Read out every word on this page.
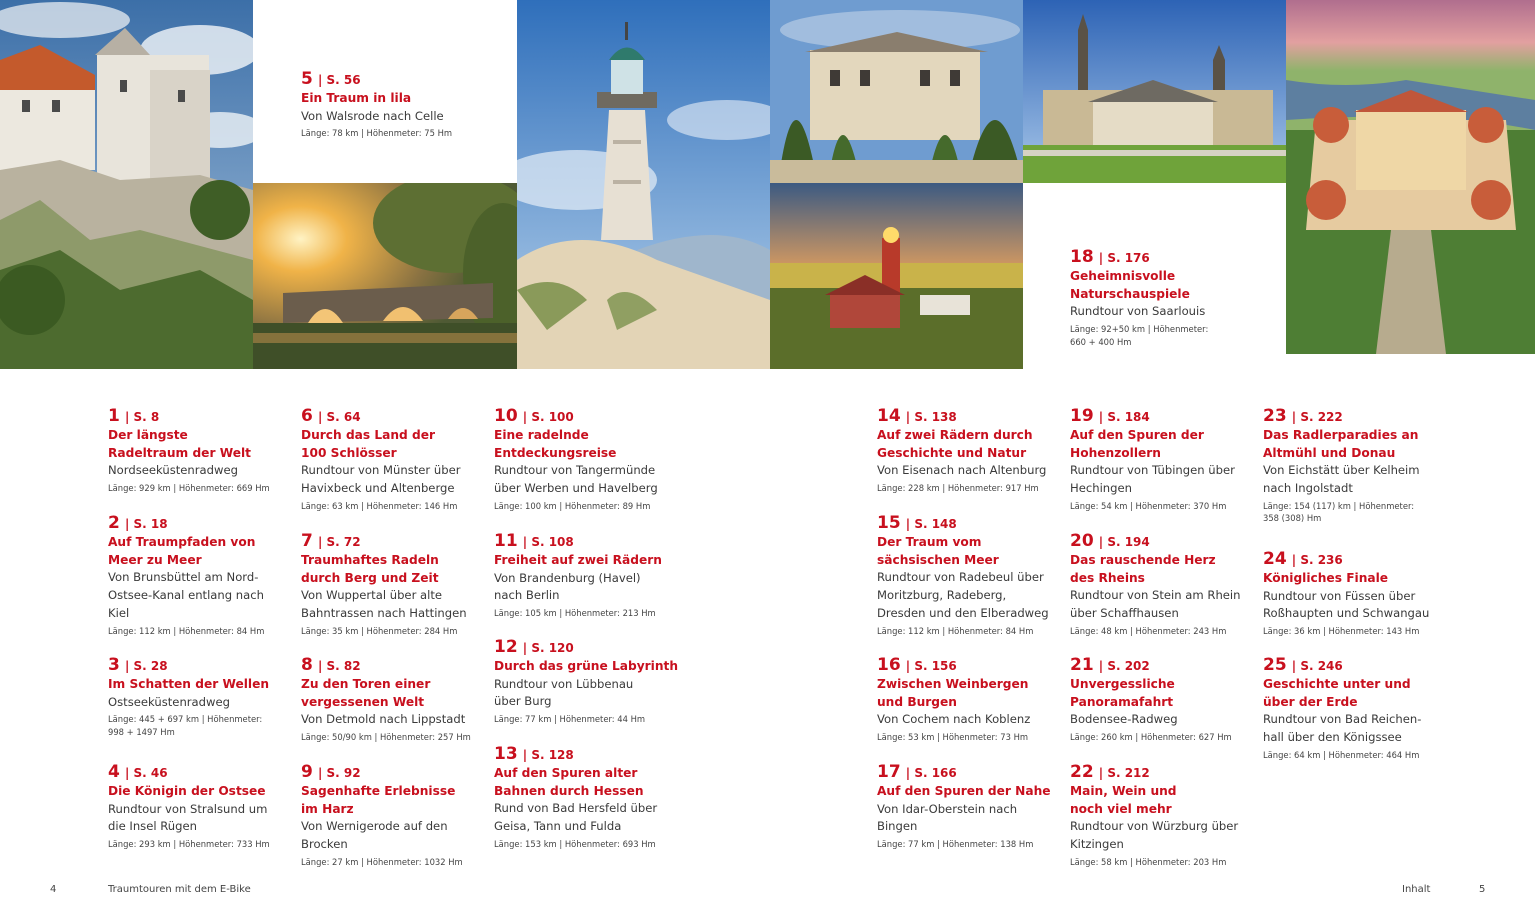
1 | S. 8
Der längste
Radeltraum der Welt
Nordseeküstenradweg
Länge: 929 km | Höhenmeter: 669 Hm
2 | S. 18
Auf Traumpfaden von
Meer zu Meer
Von Brunsbüttel am Nord-
Ostsee-Kanal entlang nach
Kiel
Länge: 112 km | Höhenmeter: 84 Hm
3 | S. 28
Im Schatten der Wellen
Ostseeküstenradweg
Länge: 445 + 697 km | Höhenmeter:
998 + 1497 Hm
4 | S. 46
Die Königin der Ostsee
Rundtour von Stralsund um
die Insel Rügen
Länge: 293 km | Höhenmeter: 733 Hm
5 | S. 56
Ein Traum in lila
Von Walsrode nach Celle
Länge: 78 km | Höhenmeter: 75 Hm
6 | S. 64
Durch das Land der
100 Schlösser
Rundtour von Münster über
Havixbeck und Altenberge
Länge: 63 km | Höhenmeter: 146 Hm
7 | S. 72
Traumhaftes Radeln
durch Berg und Zeit
Von Wuppertal über alte
Bahntrassen nach Hattingen
Länge: 35 km | Höhenmeter: 284 Hm
8 | S. 82
Zu den Toren einer
vergessenen Welt
Von Detmold nach Lippstadt
Länge: 50/90 km | Höhenmeter: 257 Hm
9 | S. 92
Sagenhafte Erlebnisse
im Harz
Von Wernigerode auf den
Brocken
Länge: 27 km | Höhenmeter: 1032 Hm
10 | S. 100
Eine radelnde
Entdeckungsreise
Rundtour von Tangermünde
über Werben und Havelberg
Länge: 100 km | Höhenmeter: 89 Hm
11 | S. 108
Freiheit auf zwei Rädern
Von Brandenburg (Havel)
nach Berlin
Länge: 105 km | Höhenmeter: 213 Hm
12 | S. 120
Durch das grüne Labyrinth
Rundtour von Lübbenau
über Burg
Länge: 77 km | Höhenmeter: 44 Hm
13 | S. 128
Auf den Spuren alter
Bahnen durch Hessen
Rund von Bad Hersfeld über
Geisa, Tann und Fulda
Länge: 153 km | Höhenmeter: 693 Hm
14 | S. 138
Auf zwei Rädern durch
Geschichte und Natur
Von Eisenach nach Altenburg
Länge: 228 km | Höhenmeter: 917 Hm
15 | S. 148
Der Traum vom
sächsischen Meer
Rundtour von Radebeul über
Moritzburg, Radeberg,
Dresden und den Elberadweg
Länge: 112 km | Höhenmeter: 84 Hm
16 | S. 156
Zwischen Weinbergen
und Burgen
Von Cochem nach Koblenz
Länge: 53 km | Höhenmeter: 73 Hm
17 | S. 166
Auf den Spuren der Nahe
Von Idar-Oberstein nach
Bingen
Länge: 77 km | Höhenmeter: 138 Hm
18 | S. 176
Geheimnisvolle
Naturschauspiele
Rundtour von Saarlouis
Länge: 92+50 km | Höhenmeter:
660 + 400 Hm
19 | S. 184
Auf den Spuren der
Hohenzollern
Rundtour von Tübingen über
Hechingen
Länge: 54 km | Höhenmeter: 370 Hm
20 | S. 194
Das rauschende Herz
des Rheins
Rundtour von Stein am Rhein
über Schaffhausen
Länge: 48 km | Höhenmeter: 243 Hm
21 | S. 202
Unvergessliche
Panoramafahrt
Bodensee-Radweg
Länge: 260 km | Höhenmeter: 627 Hm
22 | S. 212
Main, Wein und
noch viel mehr
Rundtour von Würzburg über
Kitzingen
Länge: 58 km | Höhenmeter: 203 Hm
23 | S. 222
Das Radlerparadies an
Altmühl und Donau
Von Eichstätt über Kelheim
nach Ingolstadt
Länge: 154 (117) km | Höhenmeter:
358 (308) Hm
24 | S. 236
Königliches Finale
Rundtour von Füssen über
Roßhaupten und Schwangau
Länge: 36 km | Höhenmeter: 143 Hm
25 | S. 246
Geschichte unter und
über der Erde
Rundtour von Bad Reichen-
hall über den Königssee
Länge: 64 km | Höhenmeter: 464 Hm
4	Traumtouren mit dem E-Bike	Inhalt	5
